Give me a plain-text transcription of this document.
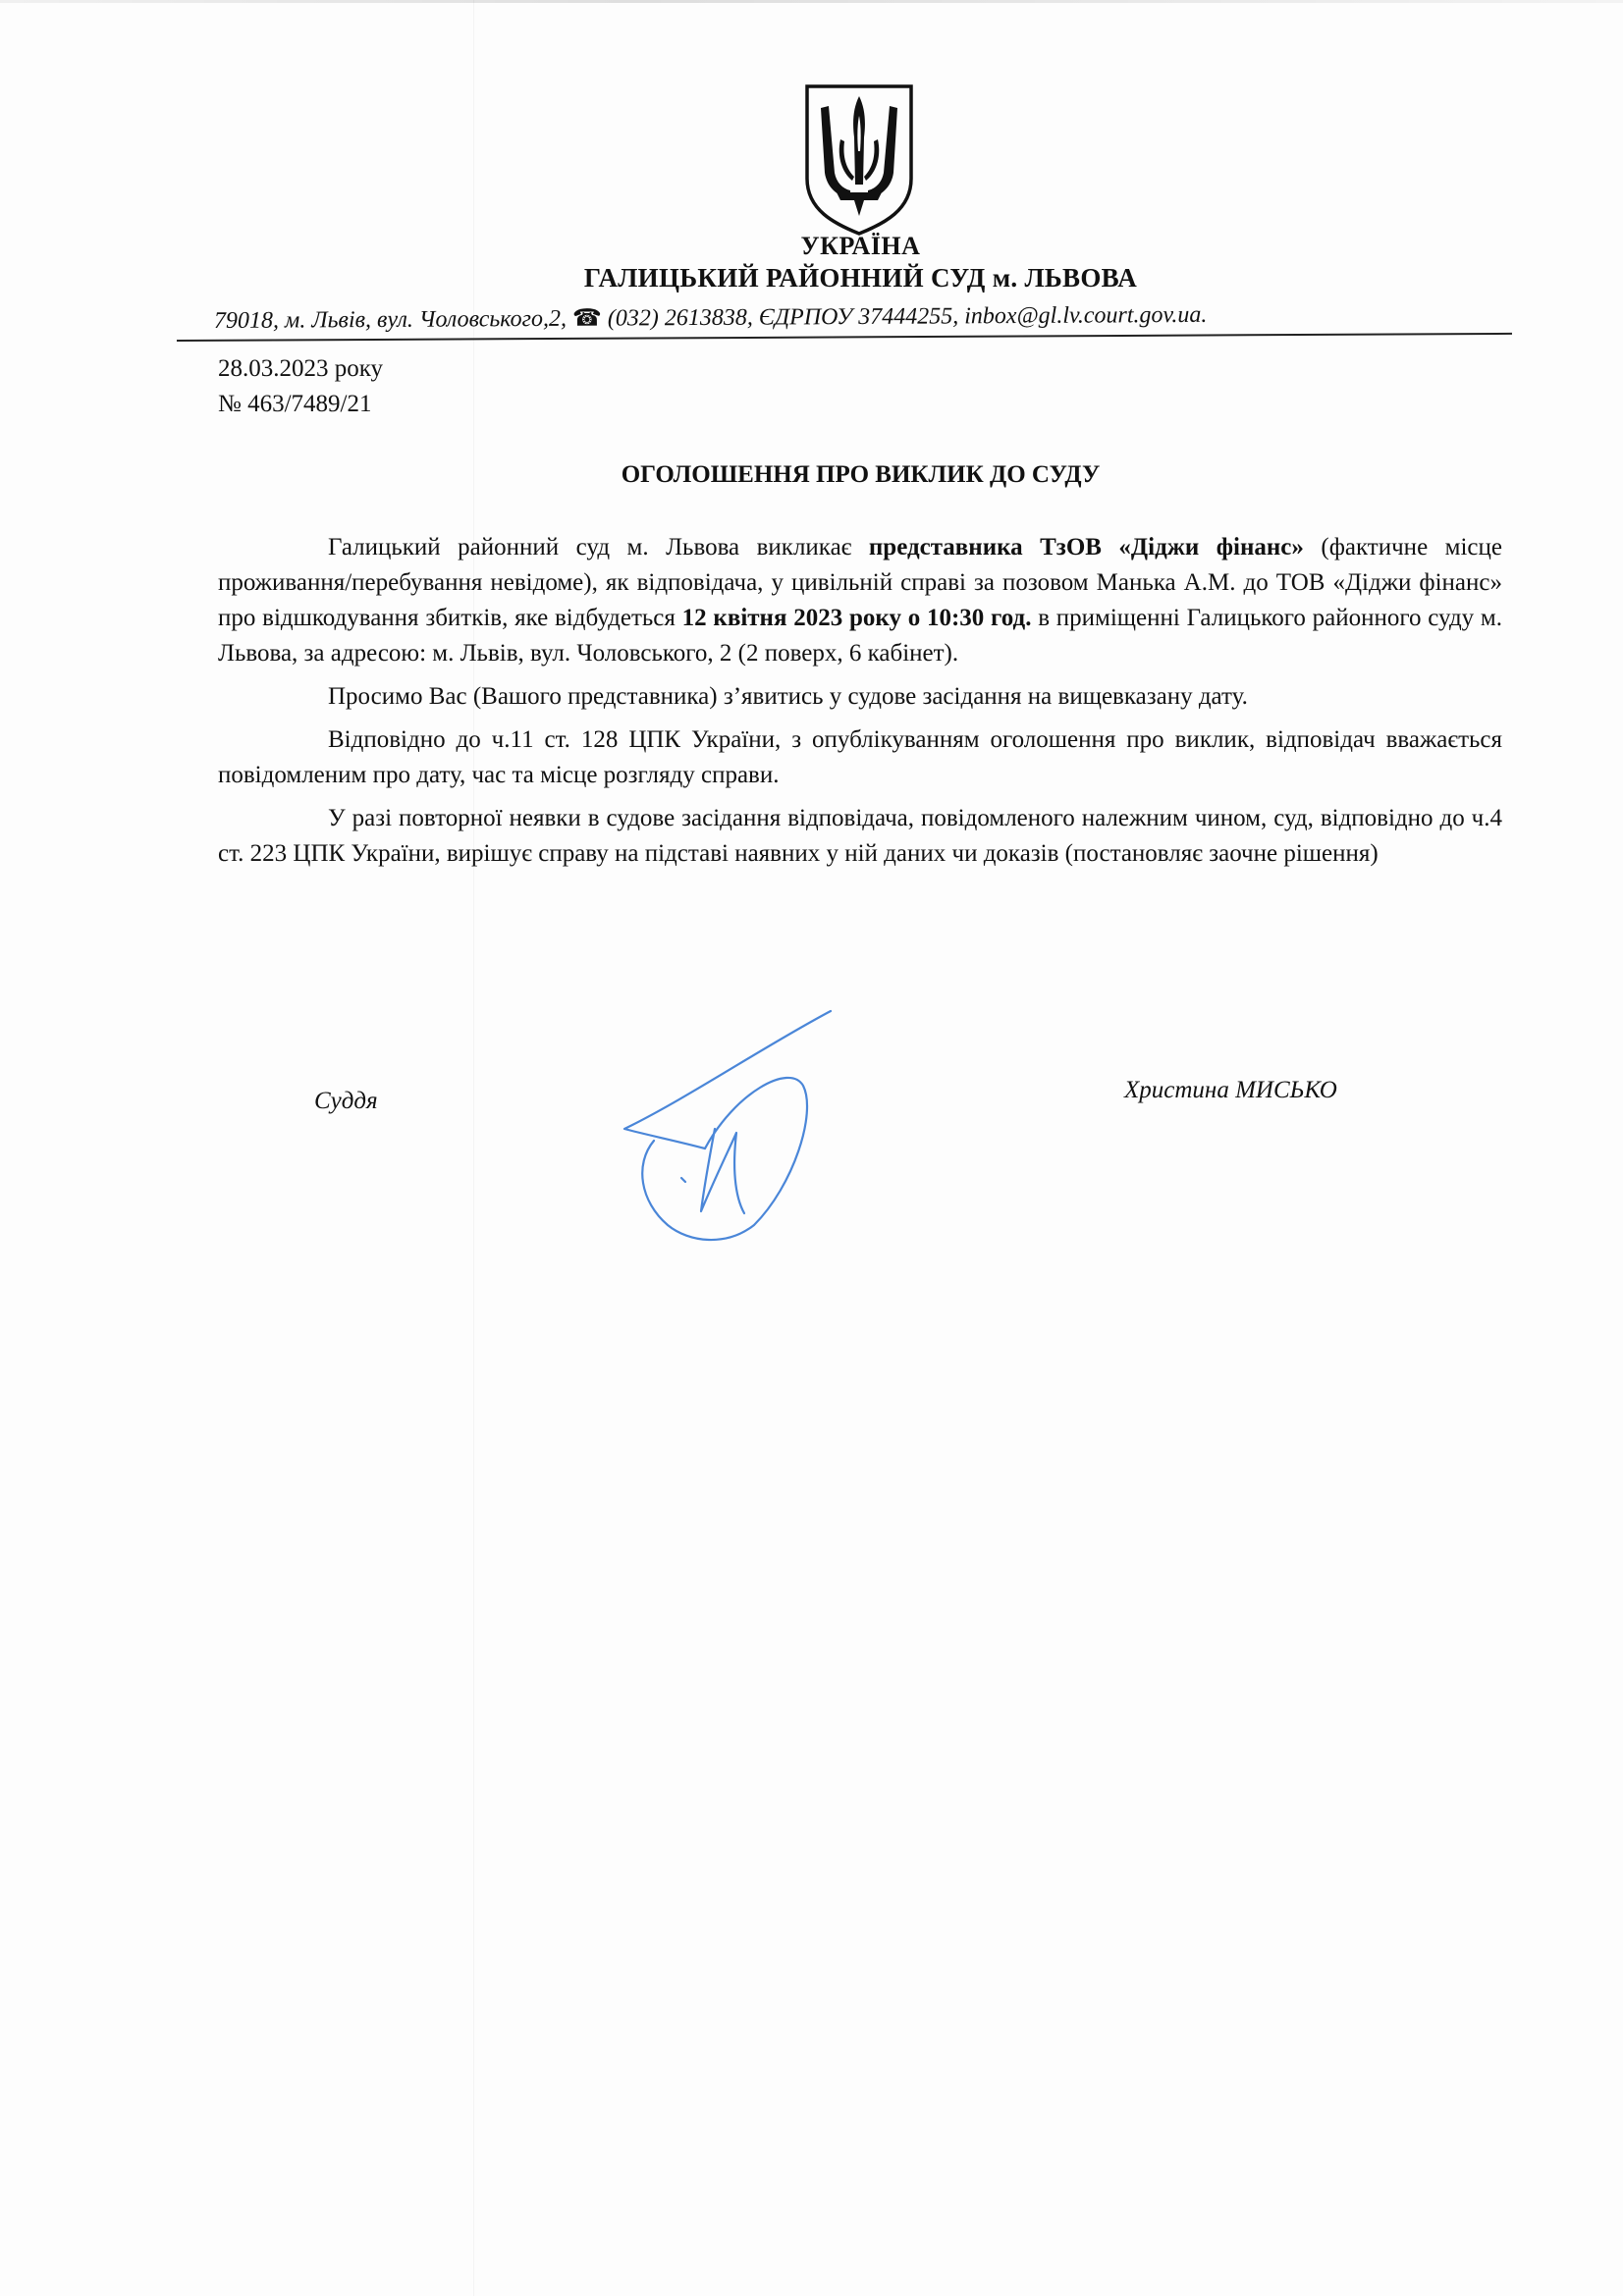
УКРАЇНА
ГАЛИЦЬКИЙ РАЙОННИЙ СУД м. ЛЬВОВА
79018, м. Львів, вул. Чоловського,2, ☎ (032) 2613838, ЄДРПОУ 37444255, inbox@gl.lv.court.gov.ua.
28.03.2023 року
№ 463/7489/21
ОГОЛОШЕННЯ ПРО ВИКЛИК ДО СУДУ

Галицький районний суд м. Львова викликає представника ТзОВ «Діджи фінанс» (фактичне місце проживання/перебування невідоме), як відповідача, у цивільній справі за позовом Манька А.М. до ТОВ «Діджи фінанс» про відшкодування збитків, яке відбудеться 12 квітня 2023 року о 10:30 год. в приміщенні Галицького районного суду м. Львова, за адресою: м. Львів, вул. Чоловського, 2 (2 поверх, 6 кабінет).

Просимо Вас (Вашого представника) з’явитись у судове засідання на вищевказану дату.

Відповідно до ч.11 ст. 128 ЦПК України, з опублікуванням оголошення про виклик, відповідач вважається повідомленим про дату, час та місце розгляду справи.

У разі повторної неявки в судове засідання відповідача, повідомленого належним чином, суд, відповідно до ч.4 ст. 223 ЦПК України, вирішує справу на підставі наявних у ній даних чи доказів (постановляє заочне рішення)

Суддя	Христина МИСЬКО
